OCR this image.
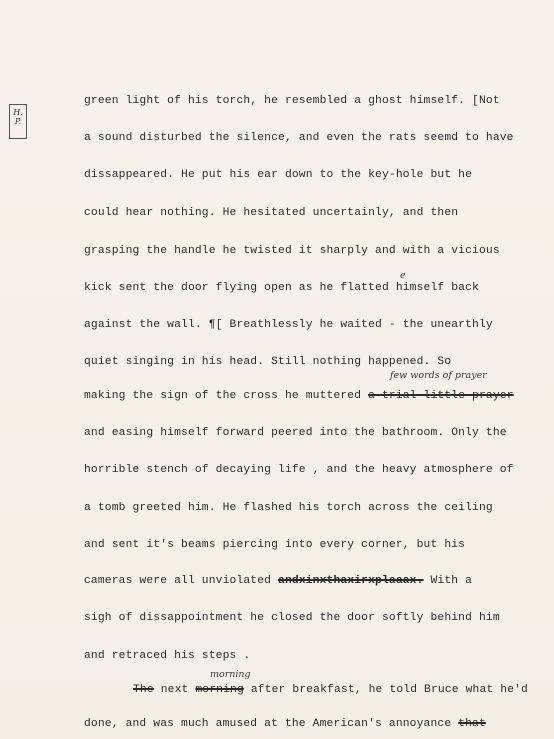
H.
P.
green light of his torch, he resembled a ghost himself. [Not
a sound disturbed the silence, and even the rats seemd to have
dissappeared. He put his ear down to the key-hole but he
could hear nothing. He hesitated uncertainly, and then
grasping the handle he twisted it sharply and with a vicious
e
kick sent the door flying open as he flatted himself back
against the wall. ¶[ Breathlessly he waited - the unearthly
quiet singing in his head. Still nothing happened. So
few words of prayer
making the sign of the cross he muttered a trial little prayer
and easing himself forward peered into the bathroom. Only the
horrible stench of decaying life , and the heavy atmosphere of
a tomb greeted him. He flashed his torch across the ceiling
and sent it's beams piercing into every corner, but his
cameras were all unviolated andxinxthaxirxplaaax. With a
sigh of dissappointment he closed the door softly behind him
and retraced his steps .
morning
The next morning after breakfast, he told Bruce what he'd
done, and was much amused at the American's annoyance that
